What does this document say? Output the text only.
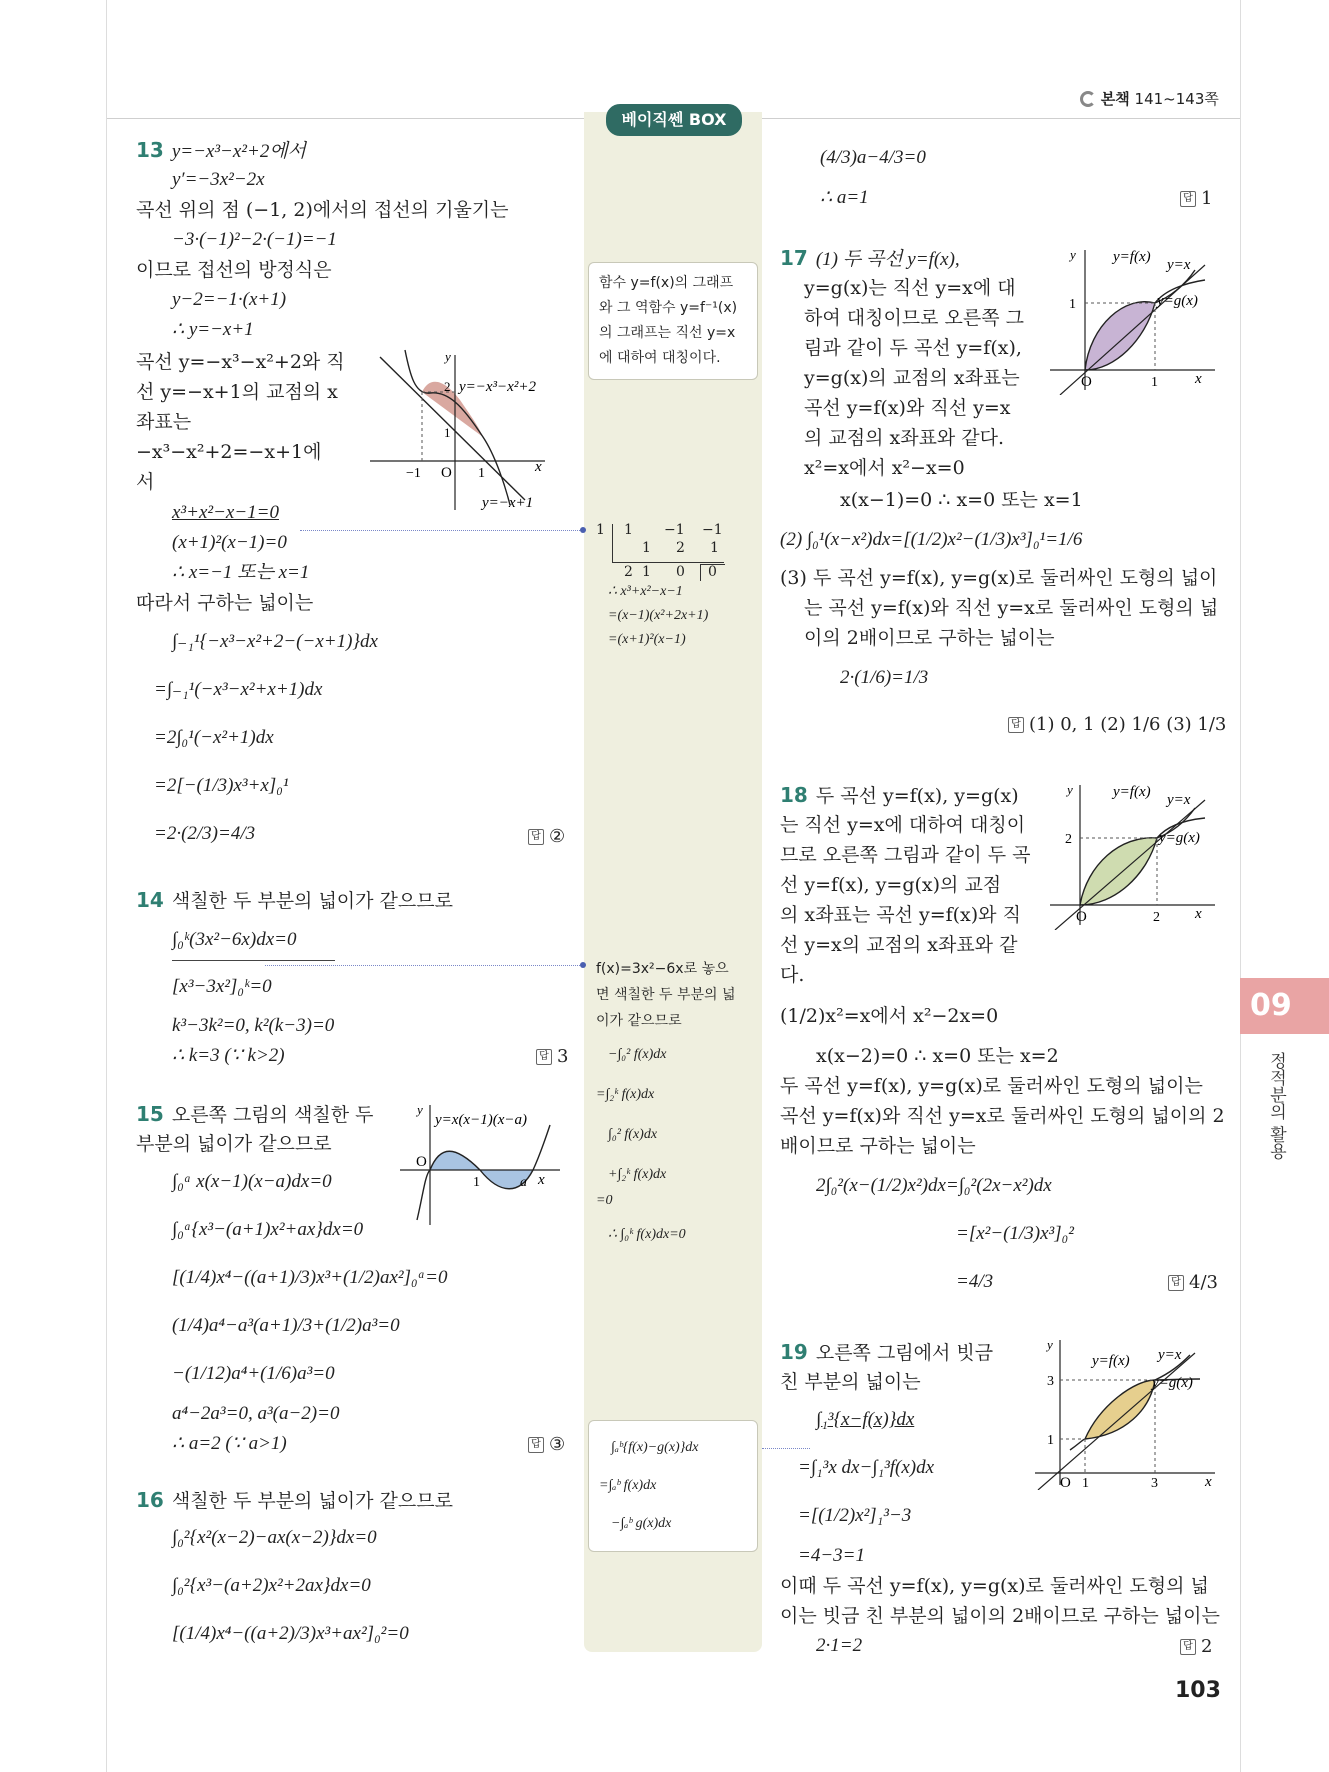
본책 141~143쪽
베이직쎈 BOX
09
정적분의 활용
103
13 y=−x³−x²+2에서
y′=−3x²−2x
곡선 위의 점 (−1, 2)에서의 접선의 기울기는
−3·(−1)²−2·(−1)=−1
이므로 접선의 방정식은
y−2=−1·(x+1)
∴ y=−x+1
곡선 y=−x³−x²+2와 직
선 y=−x+1의 교점의 x
좌표는
−x³−x²+2=−x+1에
서
x³+x²−x−1=0
(x+1)²(x−1)=0
∴ x=−1 또는 x=1
따라서 구하는 넓이는
∫₋₁¹{−x³−x²+2−(−x+1)}dx
=∫₋₁¹(−x³−x²+x+1)dx
=2∫₀¹(−x²+1)dx
=2[−(1/3)x³+x]₀¹
=2·(2/3)=4/3	답 ②
y
x
O
−1	1
2
1
y=−x³−x²+2
y=−x+1
14 색칠한 두 부분의 넓이가 같으므로
∫₀ᵏ(3x²−6x)dx=0
[x³−3x²]₀ᵏ=0
k³−3k²=0, k²(k−3)=0
∴ k=3 (∵ k>2)	답 3
15 오른쪽 그림의 색칠한 두
부분의 넓이가 같으므로
∫₀ᵃ x(x−1)(x−a)dx=0
∫₀ᵃ{x³−(a+1)x²+ax}dx=0
[(1/4)x⁴−((a+1)/3)x³+(1/2)ax²]₀ᵃ=0
(1/4)a⁴−a³(a+1)/3+(1/2)a³=0
−(1/12)a⁴+(1/6)a³=0
a⁴−2a³=0, a³(a−2)=0
∴ a=2 (∵ a>1)	답 ③
y
x
O
1	a
y=x(x−1)(x−a)
16 색칠한 두 부분의 넓이가 같으므로
∫₀²{x²(x−2)−ax(x−2)}dx=0
∫₀²{x³−(a+2)x²+2ax}dx=0
[(1/4)x⁴−((a+2)/3)x³+ax²]₀²=0
함수 y=f(x)의 그래프
와 그 역함수 y=f⁻¹(x)
의 그래프는 직선 y=x
에 대하여 대칭이다.
1 1 −1 −1
1 2 1
2 1 0 0
∴ x³+x²−x−1
=(x−1)(x²+2x+1)
=(x+1)²(x−1)
f(x)=3x²−6x로 놓으
면 색칠한 두 부분의 넓
이가 같으므로
−∫₀² f(x)dx
=∫₂ᵏ f(x)dx
∫₀² f(x)dx
+∫₂ᵏ f(x)dx
=0
∴ ∫₀ᵏ f(x)dx=0
∫ₐᵇ{f(x)−g(x)}dx
=∫ₐᵇ f(x)dx
−∫ₐᵇ g(x)dx
(4/3)a−4/3=0
∴ a=1	답 1
17 (1) 두 곡선 y=f(x),
y=g(x)는 직선 y=x에 대
하여 대칭이므로 오른쪽 그
림과 같이 두 곡선 y=f(x),
y=g(x)의 교점의 x좌표는
곡선 y=f(x)와 직선 y=x
의 교점의 x좌표와 같다.
x²=x에서 x²−x=0
x(x−1)=0 ∴ x=0 또는 x=1
(2) ∫₀¹(x−x²)dx=[(1/2)x²−(1/3)x³]₀¹=1/6
(3) 두 곡선 y=f(x), y=g(x)로 둘러싸인 도형의 넓이
는 곡선 y=f(x)와 직선 y=x로 둘러싸인 도형의 넓
이의 2배이므로 구하는 넓이는
2·(1/6)=1/3
답 (1) 0, 1 (2) 1/6 (3) 1/3
y
x
O	1
1
y=f(x) y=x
y=g(x)
18 두 곡선 y=f(x), y=g(x)
는 직선 y=x에 대하여 대칭이
므로 오른쪽 그림과 같이 두 곡
선 y=f(x), y=g(x)의 교점
의 x좌표는 곡선 y=f(x)와 직
선 y=x의 교점의 x좌표와 같
다.
(1/2)x²=x에서 x²−2x=0
x(x−2)=0 ∴ x=0 또는 x=2
두 곡선 y=f(x), y=g(x)로 둘러싸인 도형의 넓이는
곡선 y=f(x)와 직선 y=x로 둘러싸인 도형의 넓이의 2
배이므로 구하는 넓이는
2∫₀²(x−(1/2)x²)dx=∫₀²(2x−x²)dx
=[x²−(1/3)x³]₀²
=4/3	답 4/3
y
x
O	2
2
y=f(x) y=x
y=g(x)
19 오른쪽 그림에서 빗금
친 부분의 넓이는
∫₁³{x−f(x)}dx
=∫₁³x dx−∫₁³f(x)dx
=[(1/2)x²]₁³−3
=4−3=1
이때 두 곡선 y=f(x), y=g(x)로 둘러싸인 도형의 넓
이는 빗금 친 부분의 넓이의 2배이므로 구하는 넓이는
2·1=2	답 2
y
x
O 1	3
1
3
y=f(x) y=x
y=g(x)
